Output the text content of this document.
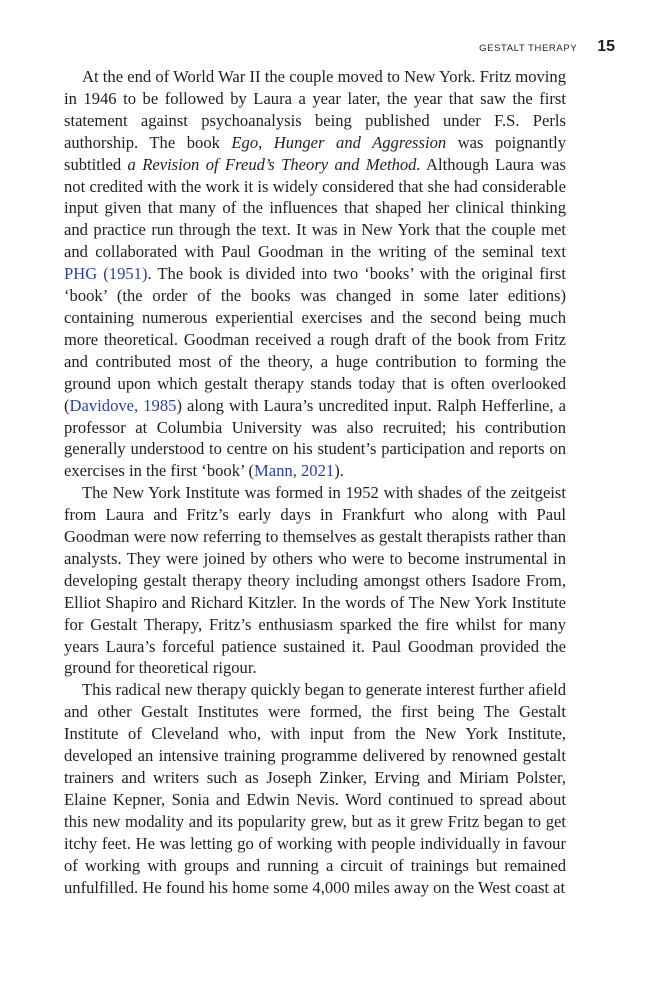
GESTALT THERAPY 15

At the end of World War II the couple moved to New York. Fritz moving in 1946 to be followed by Laura a year later, the year that saw the first statement against psychoanalysis being published under F.S. Perls authorship. The book Ego, Hunger and Aggression was poignantly subtitled a Revision of Freud’s Theory and Method. Although Laura was not credited with the work it is widely considered that she had considerable input given that many of the influences that shaped her clinical thinking and practice run through the text. It was in New York that the couple met and collaborated with Paul Goodman in the writing of the seminal text PHG (1951). The book is divided into two ‘books’ with the original first ‘book’ (the order of the books was changed in some later editions) containing numerous experiential exercises and the second being much more theoretical. Goodman received a rough draft of the book from Fritz and contributed most of the theory, a huge contribution to forming the ground upon which gestalt therapy stands today that is often overlooked (Davidove, 1985) along with Laura’s uncredited input. Ralph Hefferline, a professor at Columbia University was also recruited; his contribution generally understood to centre on his student’s participation and reports on exercises in the first ‘book’ (Mann, 2021).

The New York Institute was formed in 1952 with shades of the zeitgeist from Laura and Fritz’s early days in Frankfurt who along with Paul Goodman were now referring to themselves as gestalt therapists rather than analysts. They were joined by others who were to become instrumental in developing gestalt therapy theory including amongst others Isadore From, Elliot Shapiro and Richard Kitzler. In the words of The New York Institute for Gestalt Therapy, Fritz’s enthusiasm sparked the fire whilst for many years Laura’s forceful patience sustained it. Paul Goodman provided the ground for theoretical rigour.

This radical new therapy quickly began to generate interest further afield and other Gestalt Institutes were formed, the first being The Gestalt Institute of Cleveland who, with input from the New York Institute, developed an intensive training programme delivered by renowned gestalt trainers and writers such as Joseph Zinker, Erving and Miriam Polster, Elaine Kepner, Sonia and Edwin Nevis. Word continued to spread about this new modality and its popularity grew, but as it grew Fritz began to get itchy feet. He was letting go of working with people individually in favour of working with groups and running a circuit of trainings but remained unfulfilled. He found his home some 4,000 miles away on the West coast at
